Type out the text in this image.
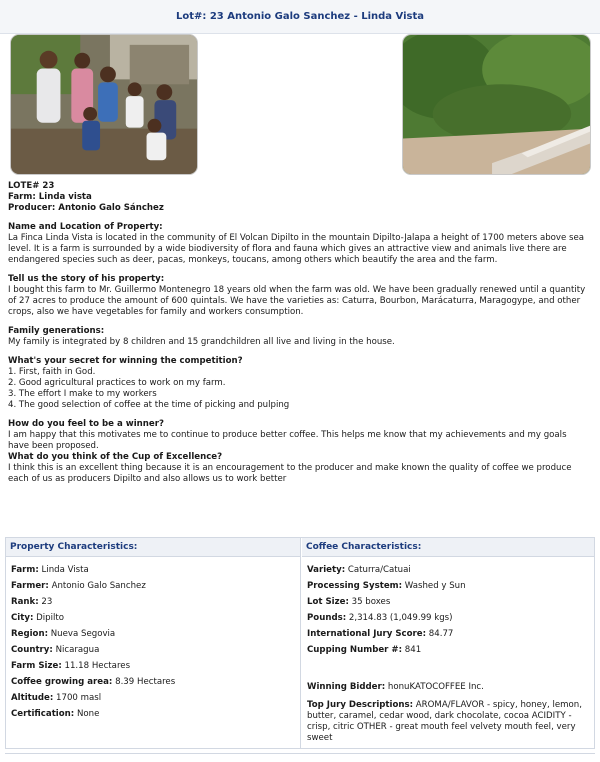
Lot#: 23 Antonio Galo Sanchez - Linda Vista
LOTE# 23
Farm: Linda vista
Producer: Antonio Galo Sánchez
Name and Location of Property:
La Finca Linda Vista is located in the community of El Volcan Dipilto in the mountain Dipilto-Jalapa a height of 1700 meters above sea level. It is a farm is surrounded by a wide biodiversity of flora and fauna which gives an attractive view and animals live there are endangered species such as deer, pacas, monkeys, toucans, among others which beautify the area and the farm.
Tell us the story of his property:
I bought this farm to Mr. Guillermo Montenegro 18 years old when the farm was old. We have been gradually renewed until a quantity of 27 acres to produce the amount of 600 quintals. We have the varieties as: Caturra, Bourbon, Marácaturra, Maragogype, and other crops, also we have vegetables for family and workers consumption.
Family generations:
My family is integrated by 8 children and 15 grandchildren all live and living in the house.
What's your secret for winning the competition?
1. First, faith in God.
2. Good agricultural practices to work on my farm.
3. The effort I make to my workers
4. The good selection of coffee at the time of picking and pulping
How do you feel to be a winner?
I am happy that this motivates me to continue to produce better coffee. This helps me know that my achievements and my goals
have been proposed.
What do you think of the Cup of Excellence?
I think this is an excellent thing because it is an encouragement to the producer and make known the quality of coffee we produce each of us as producers Dipilto and also allows us to work better
Property Characteristics:
Farm: Linda Vista
Farmer: Antonio Galo Sanchez
Rank: 23
City: Dipilto
Region: Nueva Segovia
Country: Nicaragua
Farm Size: 11.18 Hectares
Coffee growing area: 8.39 Hectares
Altitude: 1700 masl
Certification: None
Coffee Characteristics:
Variety: Caturra/Catuai
Processing System: Washed y Sun
Lot Size: 35 boxes
Pounds: 2,314.83 (1,049.99 kgs)
International Jury Score: 84.77
Cupping Number #: 841
Winning Bidder: honuKATOCOFFEE Inc.
Top Jury Descriptions: AROMA/FLAVOR - spicy, honey, lemon, butter, caramel, cedar wood, dark chocolate, cocoa ACIDITY - crisp, citric OTHER - great mouth feel velvety mouth feel, very sweet
